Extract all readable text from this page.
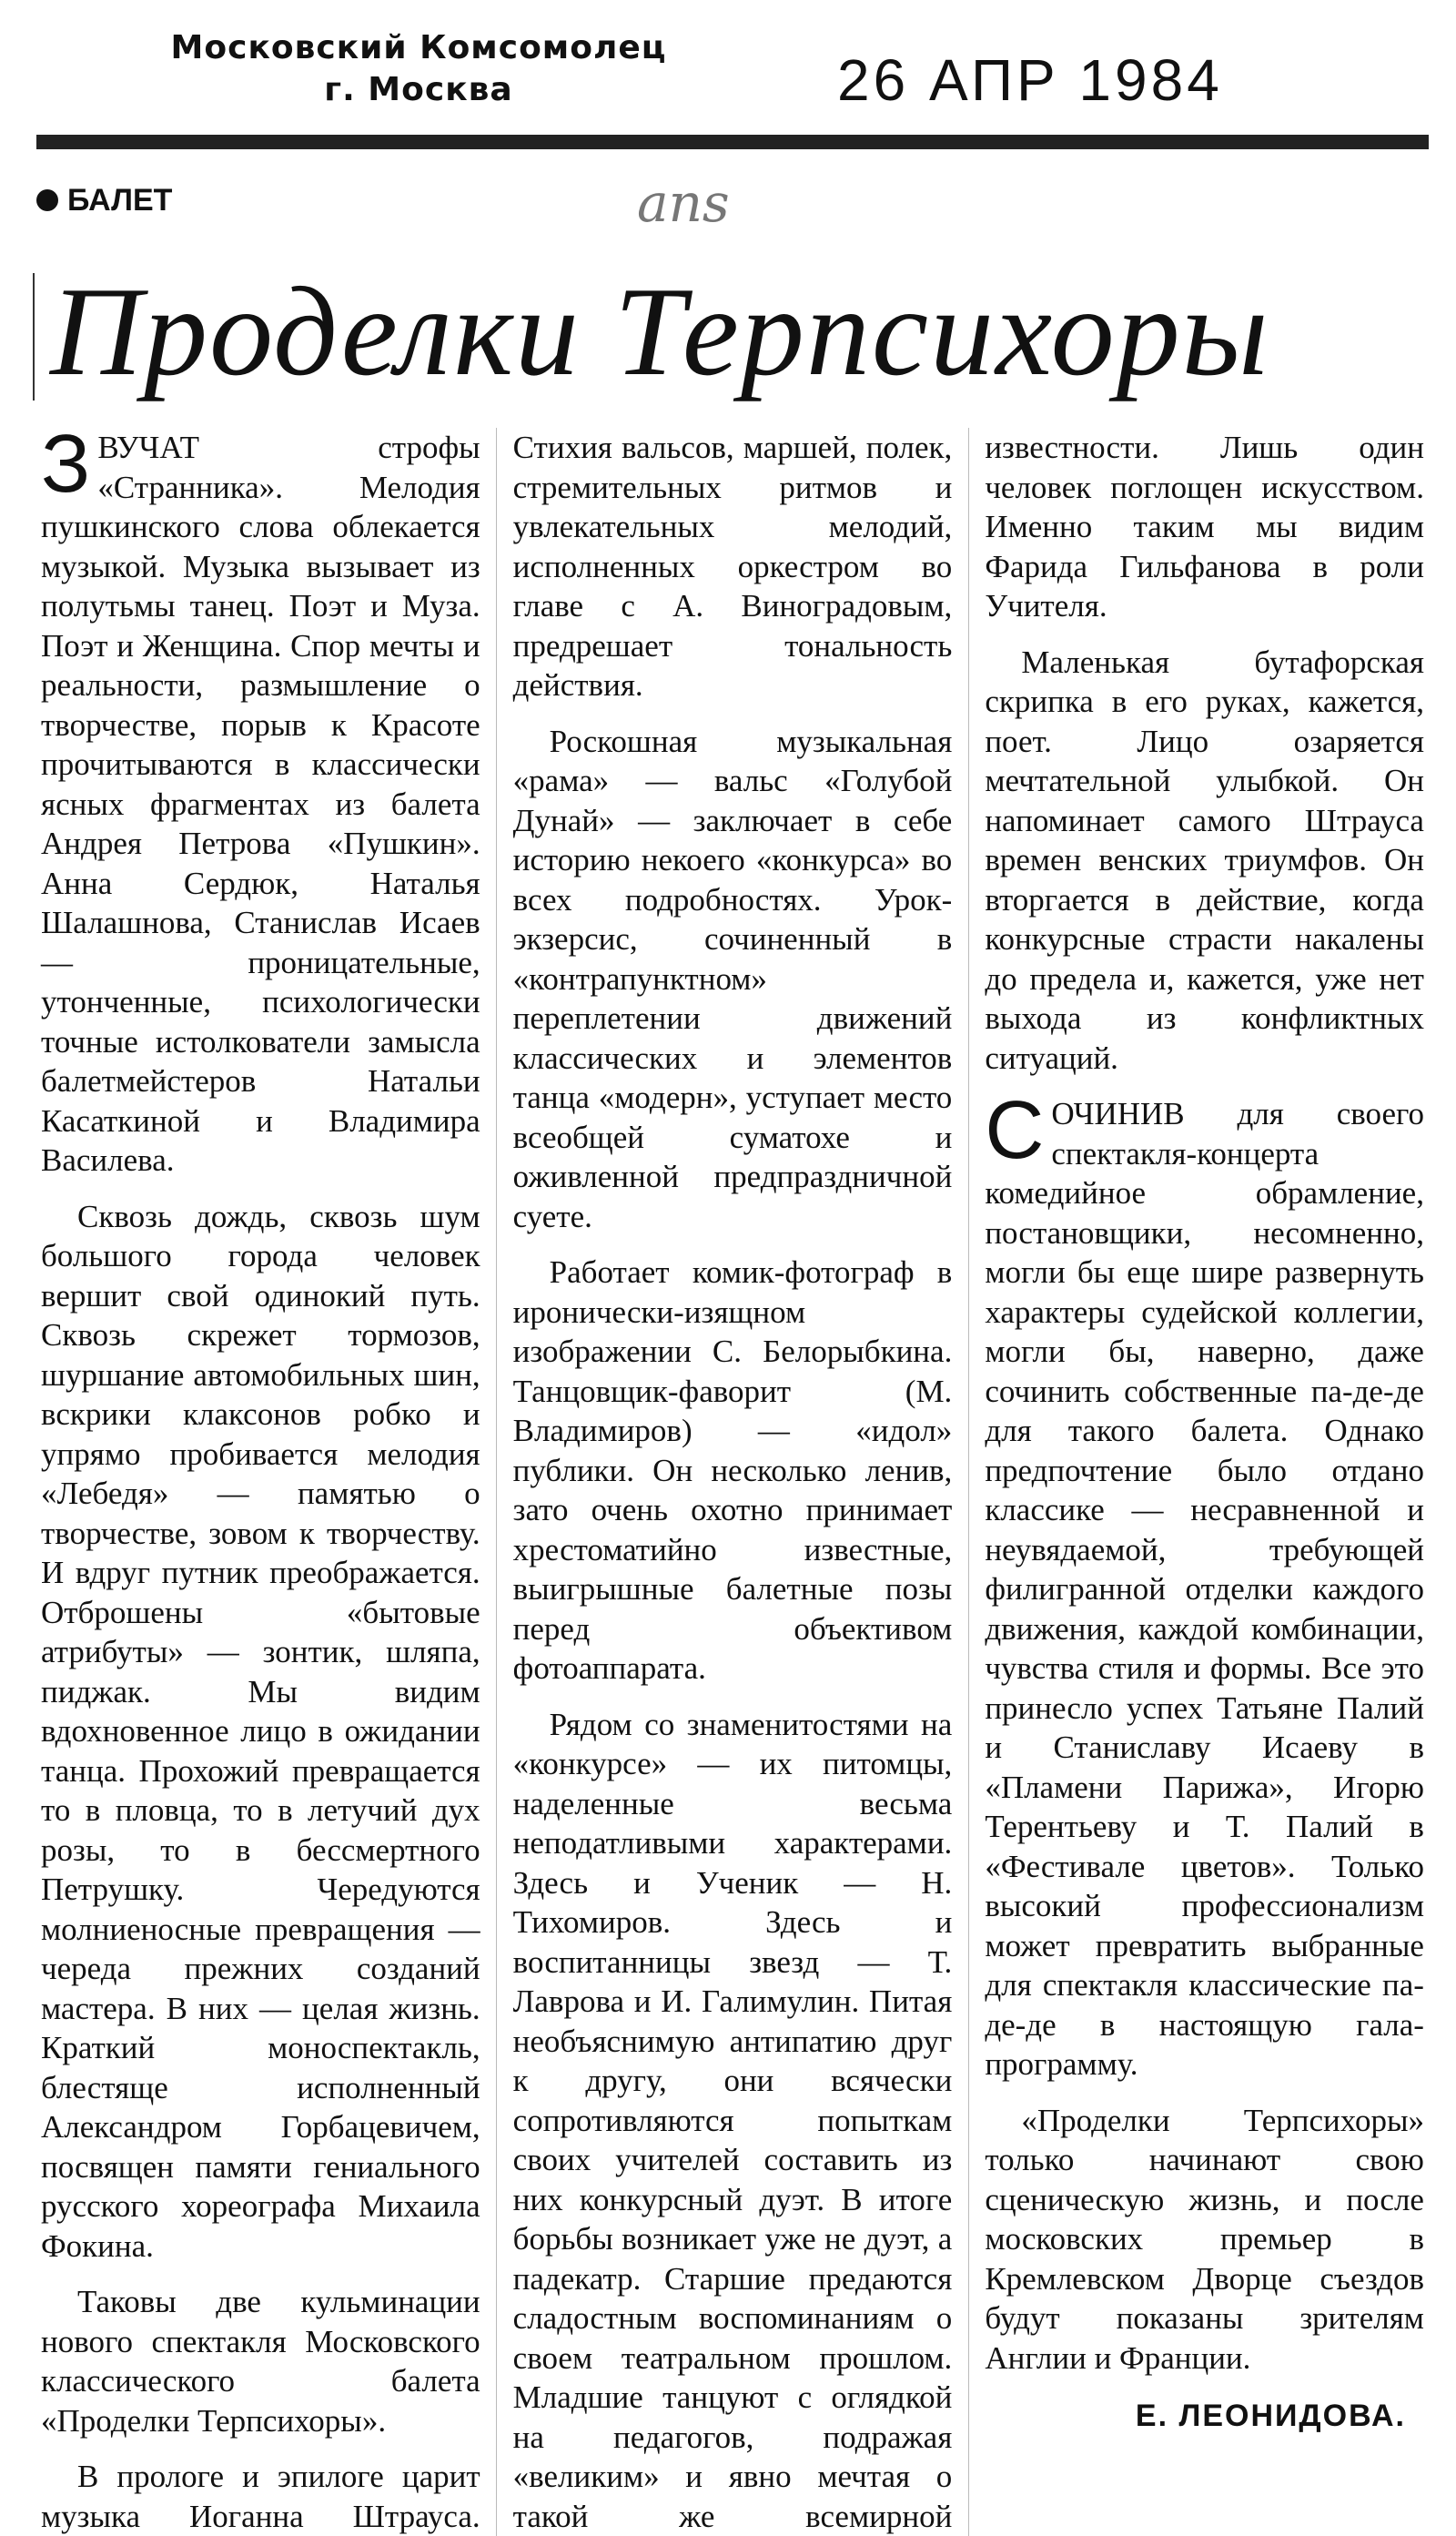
Московский Комсомолец
г. Москва	26 АПР 1984
БАЛЕТ	ans
Проделки Терпсихоры

ЗВУЧАТ строфы «Странника». Мелодия пушкинского слова облекается музыкой. Музыка вызывает из полутьмы танец. Поэт и Муза. Поэт и Женщина. Спор мечты и реальности, размышление о творчестве, порыв к Красоте прочитываются в классически ясных фрагментах из балета Андрея Петрова «Пушкин». Анна Сердюк, Наталья Шалашнова, Станислав Исаев — проницательные, утонченные, психологически точные истолкователи замысла балетмейстеров Натальи Касаткиной и Владимира Василева.

Сквозь дождь, сквозь шум большого города человек вершит свой одинокий путь. Сквозь скрежет тормозов, шуршание автомобильных шин, вскрики клаксонов робко и упрямо пробивается мелодия «Лебедя» — памятью о творчестве, зовом к творчеству. И вдруг путник преображается. Отброшены «бытовые атрибуты» — зонтик, шляпа, пиджак. Мы видим вдохновенное лицо в ожидании танца. Прохожий превращается то в пловца, то в летучий дух розы, то в бессмертного Петрушку. Чередуются молниеносные превращения — череда прежних созданий мастера. В них — целая жизнь. Краткий моноспектакль, блестяще исполненный Александром Горбацевичем, посвящен памяти гениального русского хореографа Михаила Фокина.

Таковы две кульминации нового спектакля Московского классического балета «Проделки Терпсихоры».

В прологе и эпилоге царит музыка Иоганна Штрауса. Стихия вальсов, маршей, полек, стремительных ритмов и увлекательных мелодий, исполненных оркестром во главе с А. Виноградовым, предрешает тональность действия.

Роскошная музыкальная «рама» — вальс «Голубой Дунай» — заключает в себе историю некоего «конкурса» во всех подробностях. Урок-экзерсис, сочиненный в «контрапунктном» переплетении движений классических и элементов танца «модерн», уступает место всеобщей суматохе и оживленной предпраздничной суете.

Работает комик-фотограф в иронически-изящном изображении С. Белорыбкина. Танцовщик-фаворит (М. Владимиров) — «идол» публики. Он несколько ленив, зато очень охотно принимает хрестоматийно известные, выигрышные балетные позы перед объективом фотоаппарата.

Рядом со знаменитостями на «конкурсе» — их питомцы, наделенные весьма неподатливыми характерами. Здесь и Ученик — Н. Тихомиров. Здесь и воспитанницы звезд — Т. Лаврова и И. Галимулин. Питая необъяснимую антипатию друг к другу, они всячески сопротивляются попыткам своих учителей составить из них конкурсный дуэт. В итоге борьбы возникает уже не дуэт, а падекатр. Старшие предаются сладостным воспоминаниям о своем театральном прошлом. Младшие танцуют с оглядкой на педагогов, подражая «великим» и явно мечтая о такой же всемирной известности. Лишь один человек поглощен искусством. Именно таким мы видим Фарида Гильфанова в роли Учителя.

Маленькая бутафорская скрипка в его руках, кажется, поет. Лицо озаряется мечтательной улыбкой. Он напоминает самого Штрауса времен венских триумфов. Он вторгается в действие, когда конкурсные страсти накалены до предела и, кажется, уже нет выхода из конфликтных ситуаций.

СОЧИНИВ для своего спектакля-концерта комедийное обрамление, постановщики, несомненно, могли бы еще шире развернуть характеры судейской коллегии, могли бы, наверно, даже сочинить собственные па-де-де для такого балета. Однако предпочтение было отдано классике — несравненной и неувядаемой, требующей филигранной отделки каждого движения, каждой комбинации, чувства стиля и формы. Все это принесло успех Татьяне Палий и Станиславу Исаеву в «Пламени Парижа», Игорю Терентьеву и Т. Палий в «Фестивале цветов». Только высокий профессионализм может превратить выбранные для спектакля классические па-де-де в настоящую гала-программу.

«Проделки Терпсихоры» только начинают свою сценическую жизнь, и после московских премьер в Кремлевском Дворце съездов будут показаны зрителям Англии и Франции.

Е. ЛЕОНИДОВА.
